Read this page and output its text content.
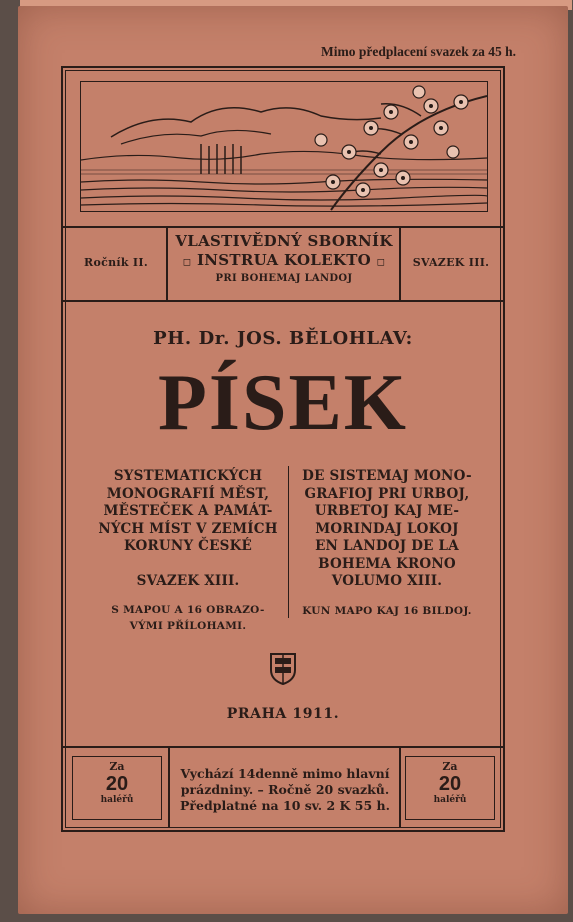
Mimo předplacení svazek za 45 h.
Ročník II.
VLASTIVĚDNÝ SBORNÍK
◻ INSTRUA KOLEKTO ◻
PRI BOHEMAJ LANDOJ
SVAZEK III.
PH. Dr. JOS. BĚLOHLAV:
PÍSEK
SYSTEMATICKÝCH
MONOGRAFIÍ MĚST,
MĚSTEČEK A PAMÁT-
NÝCH MÍST V ZEMÍCH
KORUNY ČESKÉ
SVAZEK XIII.
S MAPOU A 16 OBRAZO-
VÝMI PŘÍLOHAMI.
DE SISTEMAJ MONO-
GRAFIOJ PRI URBOJ,
URBETOJ KAJ ME-
MORINDAJ LOKOJ
EN LANDOJ DE LA
BOHEMA KRONO
VOLUMO XIII.
KUN MAPO KAJ 16 BILDOJ.
PRAHA 1911.
Za
20
haléřů
Vychází 14denně mimo hlavní
prázdniny. – Ročně 20 svazků.
Předplatné na 10 sv. 2 K 55 h.
Za
20
haléřů
